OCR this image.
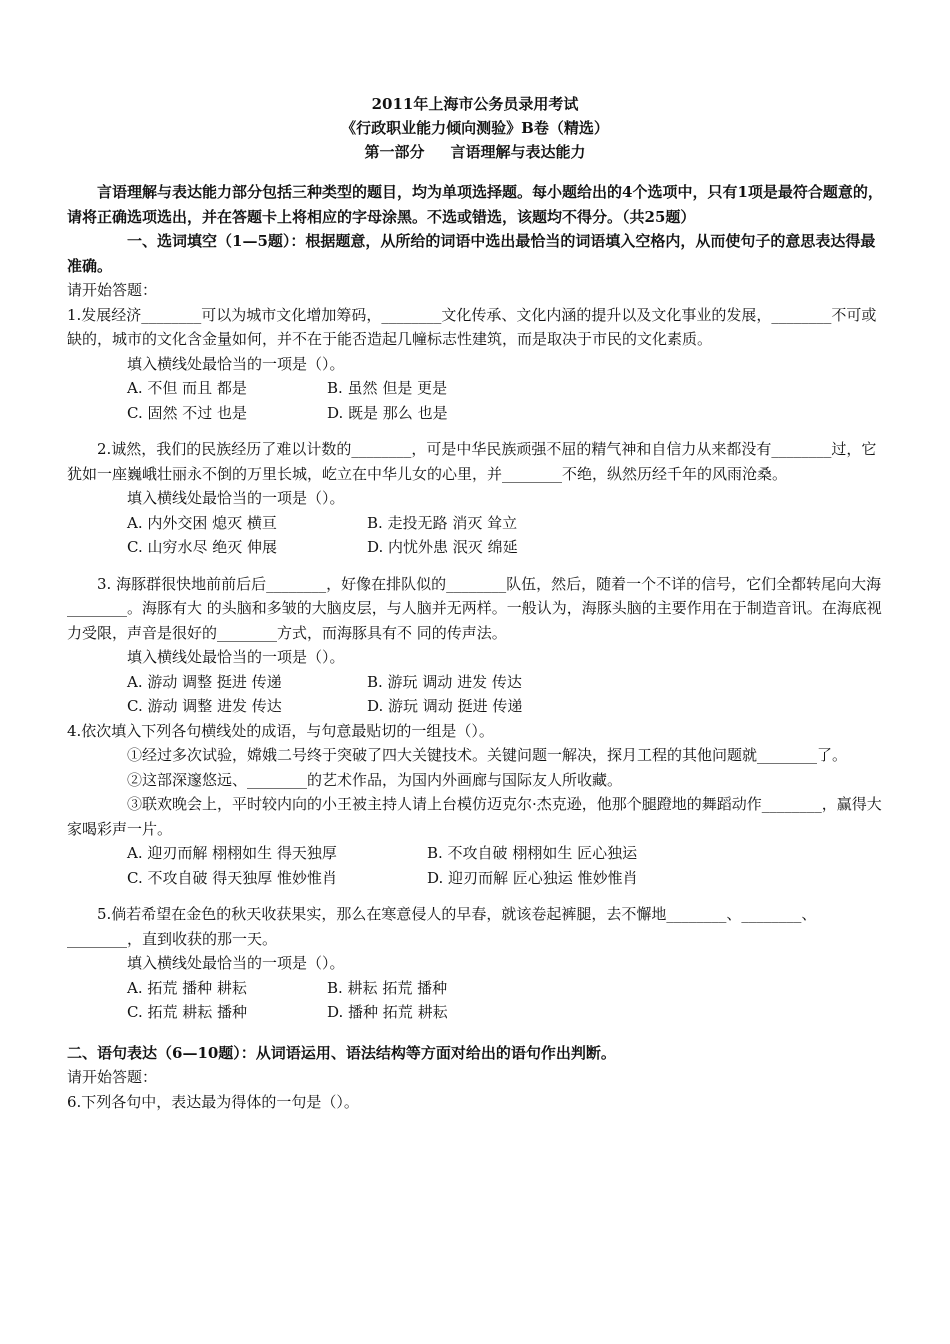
2011年上海市公务员录用考试
《行政职业能力倾向测验》B卷（精选）
第一部分 言语理解与表达能力

言语理解与表达能力部分包括三种类型的题目，均为单项选择题。每小题给出的4个选项中，只有1项是最符合题意的，请将正确选项选出，并在答题卡上将相应的字母涂黑。不选或错选，该题均不得分。（共25题）

一、选词填空（1—5题）：根据题意，从所给的词语中选出最恰当的词语填入空格内，从而使句子的意思表达得最准确。

请开始答题：

1.发展经济________可以为城市文化增加筹码，________文化传承、文化内涵的提升以及文化事业的发展，________不可或缺的，城市的文化含金量如何，并不在于能否造起几幢标志性建筑，而是取决于市民的文化素质。

填入横线处最恰当的一项是（）。

A. 不但 而且 都是	B. 虽然 但是 更是
C. 固然 不过 也是	D. 既是 那么 也是

2.诚然，我们的民族经历了难以计数的________，可是中华民族顽强不屈的精气神和自信力从来都没有________过，它犹如一座巍峨壮丽永不倒的万里长城，屹立在中华儿女的心里，并________不绝，纵然历经千年的风雨沧桑。

填入横线处最恰当的一项是（）。

A. 内外交困 熄灭 横亘	B. 走投无路 消灭 耸立
C. 山穷水尽 绝灭 伸展	D. 内忧外患 泯灭 绵延

3. 海豚群很快地前前后后________，好像在排队似的________队伍，然后，随着一个不详的信号，它们全都转尾向大海________。海豚有大 的头脑和多皱的大脑皮层，与人脑并无两样。一般认为，海豚头脑的主要作用在于制造音讯。在海底视力受限，声音是很好的________方式，而海豚具有不 同的传声法。

填入横线处最恰当的一项是（）。

A. 游动 调整 挺进 传递	B. 游玩 调动 进发 传达
C. 游动 调整 进发 传达	D. 游玩 调动 挺进 传递

4.依次填入下列各句横线处的成语，与句意最贴切的一组是（）。

①经过多次试验，嫦娥二号终于突破了四大关键技术。关键问题一解决，探月工程的其他问题就________了。

②这部深邃悠远、________的艺术作品，为国内外画廊与国际友人所收藏。

③联欢晚会上，平时较内向的小王被主持人请上台模仿迈克尔·杰克逊，他那个腿蹬地的舞蹈动作________，赢得大家喝彩声一片。

A. 迎刃而解 栩栩如生 得天独厚	B. 不攻自破 栩栩如生 匠心独运
C. 不攻自破 得天独厚 惟妙惟肖	D. 迎刃而解 匠心独运 惟妙惟肖

5.倘若希望在金色的秋天收获果实，那么在寒意侵人的早春，就该卷起裤腿，去不懈地________、________、________，直到收获的那一天。

填入横线处最恰当的一项是（）。

A. 拓荒 播种 耕耘	B. 耕耘 拓荒 播种
C. 拓荒 耕耘 播种	D. 播种 拓荒 耕耘

二、语句表达（6—10题）：从词语运用、语法结构等方面对给出的语句作出判断。

请开始答题：

6.下列各句中，表达最为得体的一句是（）。
